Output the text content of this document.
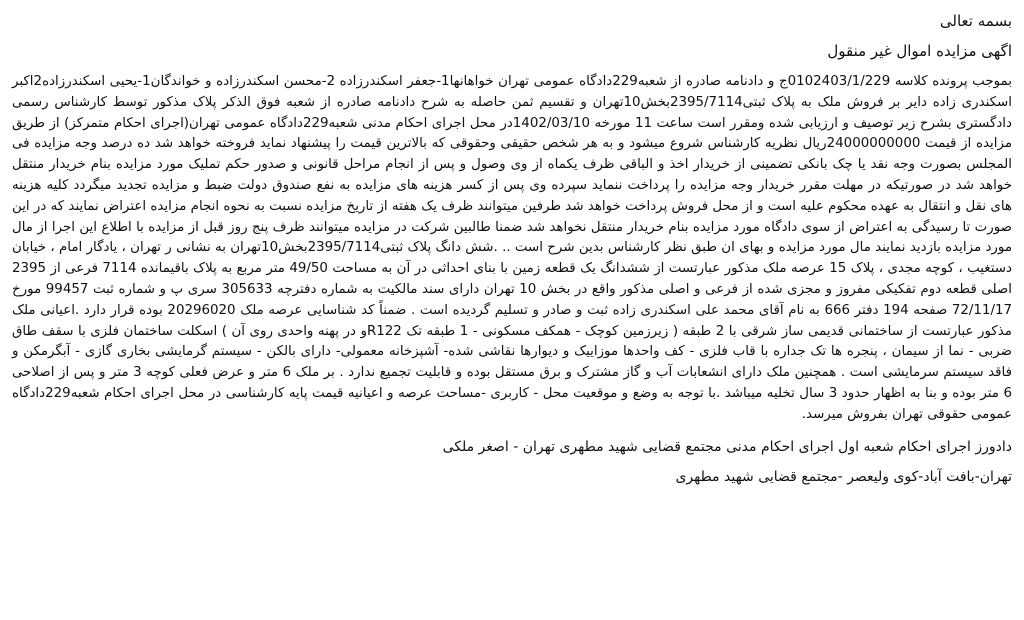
بسمه تعالی

اگهی مزایده اموال غیر منقول

بموجب پرونده کلاسه 0102403/1/229ج و دادنامه صادره از شعبه229دادگاه عمومی تهران خواهانها1-جعفر اسکندرزاده 2-محسن اسکندرزاده و خواندگان1-یحیی اسکندرزاده2اکبر اسکندری زاده دایر بر فروش ملک به پلاک ثبتی2395/7114بخش10تهران و تقسیم ثمن حاصله به شرح دادنامه صادره از شعبه فوق الذکر پلاک مذکور توسط کارشناس رسمی دادگستری بشرح زیر توصیف و ارزیابی شده ومقرر است ساعت 11 مورخه 1402/03/10در محل اجرای احکام مدنی شعبه229دادگاه عمومی تهران(اجرای احکام متمرکز) از طریق مزایده از قیمت 24000000000ریال نظریه کارشناس شروع میشود و به هر شخص حقیقی وحقوقی که بالاترین قیمت را پیشنهاد نماید فروخته خواهد شد ده درصد وجه مزایده فی المجلس بصورت وجه نقد یا چک بانکی تضمینی از خریدار اخذ و الباقی ظرف یکماه از وی وصول و پس از انجام مراحل قانونی و صدور حکم تملیک مورد مزایده بنام خریدار منتقل خواهد شد در صورتیکه در مهلت مقرر خریدار وجه مزایده را پرداخت ننماید سپرده وی پس از کسر هزینه های مزایده به نفع صندوق دولت ضبط و مزایده تجدید میگردد کلیه هزینه های نقل و انتقال به عهده محکوم علیه است و از محل فروش پرداخت خواهد شد طرفین میتوانند ظرف یک هفته از تاریخ مزایده نسبت به نحوه انجام مزایده اعتراض نمایند که در این صورت تا رسیدگی به اعتراض از سوی دادگاه مورد مزایده بنام خریدار منتقل نخواهد شد ضمنا طالبین شرکت در مزایده میتوانند ظرف پنج روز قبل از مزایده با اطلاع این اجرا از مال مورد مزایده بازدید نمایند مال مورد مزایده و بهای ان طبق نظر کارشناس بدین شرح است .. .شش دانگ پلاک ثبتی2395/7114بخش10تهران به نشانی ر تهران ، یادگار امام ، خیابان دستغیب ، کوچه مجدی ، پلاک 15 عرصه ملک مذکور عبارتست از ششدانگ یک قطعه زمین با بنای احداثی در آن به مساحت 49/50 متر مربع به پلاک باقیمانده 7114 فرعی از 2395 اصلی قطعه دوم تفکیکی مفروز و مجزی شده از فرعی و اصلی مذکور واقع در بخش 10 تهران دارای سند مالکیت به شماره دفترچه 305633 سری پ و شماره ثبت 99457 مورخ 72/11/17 صفحه 194 دفتر 666 به نام آقای محمد علی اسکندری زاده ثبت و صادر و تسلیم گردیده است . ضمناً کد شناسایی عرصه ملک 20296020 بوده قرار دارد .اعیانی ملک مذکور عبارتست از ساختمانی قدیمی ساز شرقی با 2 طبقه ( زیرزمین کوچک - همکف مسکونی - 1 طبقه تک R122و در پهنه واحدی روی آن ) اسکلت ساختمان فلزی با سقف طاق ضربی - نما از سیمان ، پنجره ها تک جداره با قاب فلزی - کف واحدها موزاییک و دیوارها نقاشی شده- آشپزخانه معمولی- دارای بالکن - سیستم گرمایشی بخاری گازی - آبگرمکن و فاقد سیستم سرمایشی است . همچنین ملک دارای انشعابات آب و گاز مشترک و برق مستقل بوده و قابلیت تجمیع ندارد . بر ملک 6 متر و عرض فعلی کوچه 3 متر و پس از اصلاحی 6 متر بوده و بنا به اظهار حدود 3 سال تخلیه میباشد .با توجه به وضع و موقعیت محل - کاربری -مساحت عرصه و اعیانیه قیمت پایه کارشناسی در محل اجرای احکام شعبه229دادگاه عمومی حقوقی تهران بفروش میرسد.

دادورز اجرای احکام شعبه اول اجرای احکام مدنی مجتمع قضایی شهید مطهری تهران - اصغر ملکی

تهران-بافت آباد-کوی ولیعصر -مجتمع قضایی شهید مطهری
